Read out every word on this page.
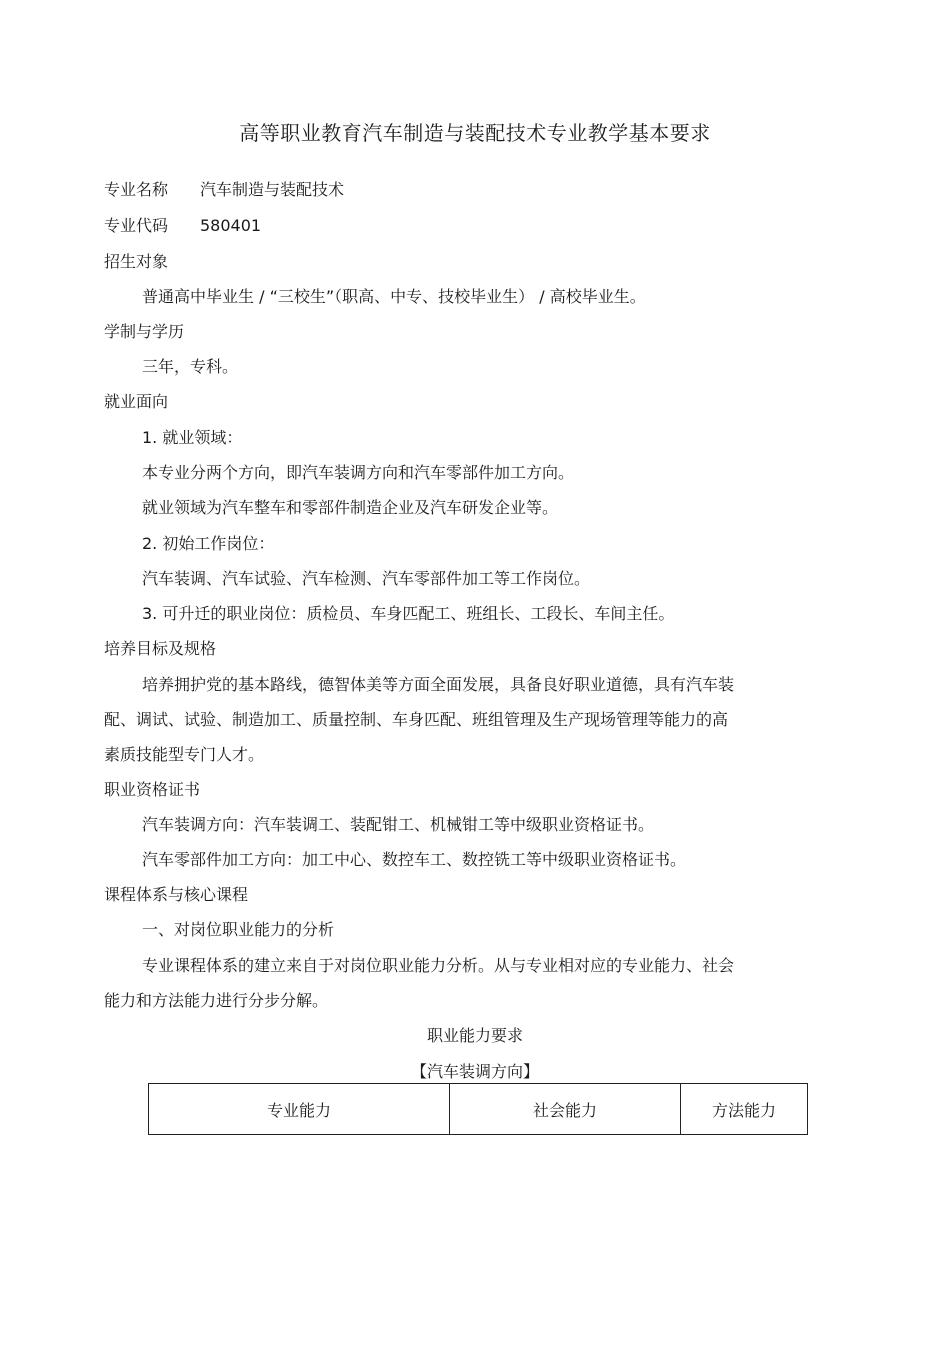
高等职业教育汽车制造与装配技术专业教学基本要求
专业名称 汽车制造与装配技术
专业代码 580401
招生对象
普通高中毕业生 / “三校生”（职高、中专、技校毕业生） / 高校毕业生。
学制与学历
三年，专科。
就业面向
1. 就业领域：
本专业分两个方向，即汽车装调方向和汽车零部件加工方向。
就业领域为汽车整车和零部件制造企业及汽车研发企业等。
2. 初始工作岗位：
汽车装调、汽车试验、汽车检测、汽车零部件加工等工作岗位。
3. 可升迁的职业岗位：质检员、车身匹配工、班组长、工段长、车间主任。
培养目标及规格
培养拥护党的基本路线，德智体美等方面全面发展，具备良好职业道德，具有汽车装
配、调试、试验、制造加工、质量控制、车身匹配、班组管理及生产现场管理等能力的高
素质技能型专门人才。
职业资格证书
汽车装调方向：汽车装调工、装配钳工、机械钳工等中级职业资格证书。
汽车零部件加工方向：加工中心、数控车工、数控铣工等中级职业资格证书。
课程体系与核心课程
一、对岗位职业能力的分析
专业课程体系的建立来自于对岗位职业能力分析。从与专业相对应的专业能力、社会
能力和方法能力进行分步分解。
职业能力要求
【汽车装调方向】
专业能力	社会能力	方法能力
